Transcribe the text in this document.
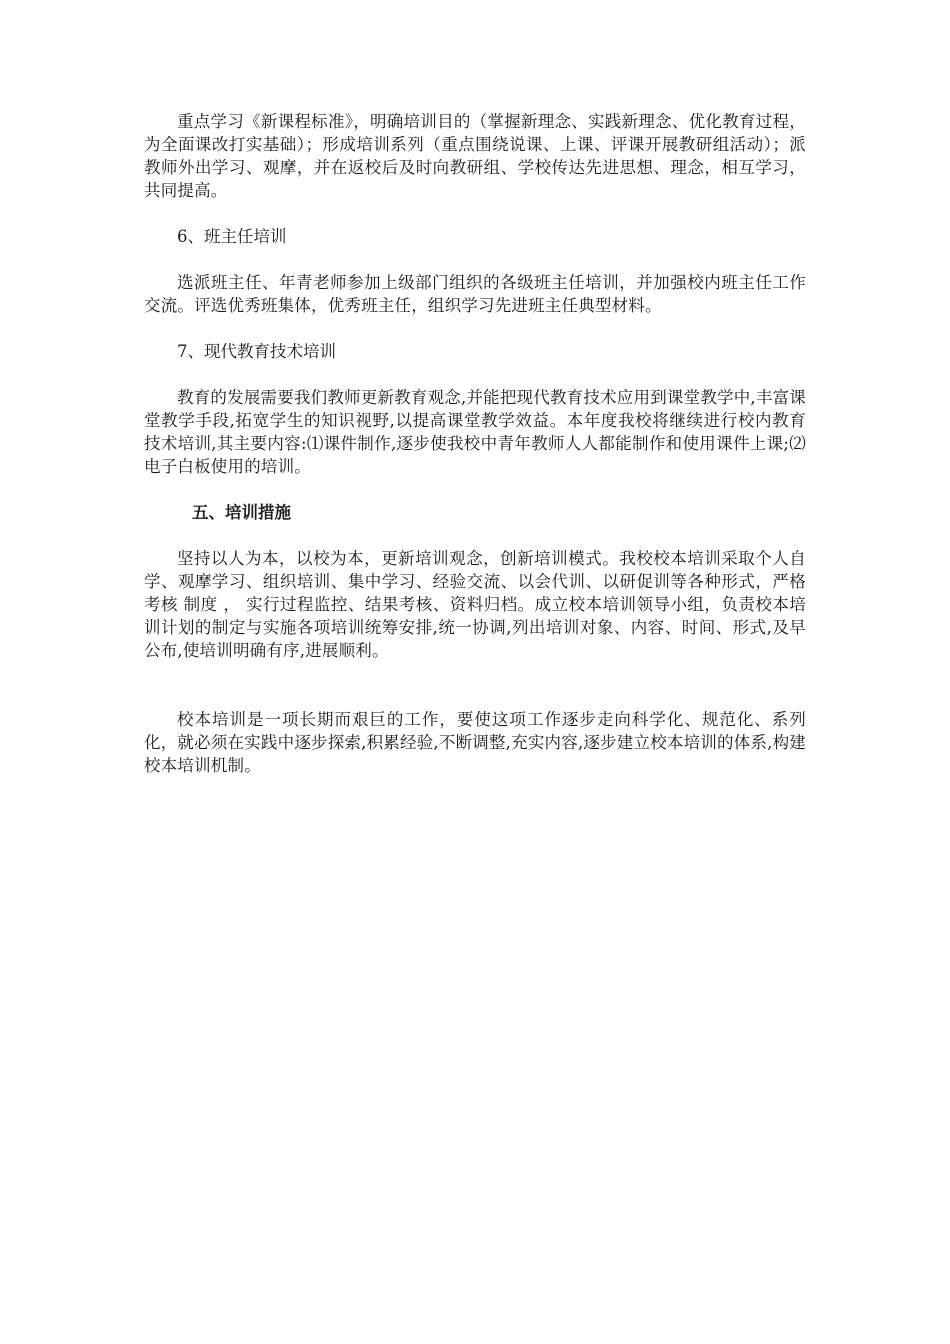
重点学习《新课程标准》，明确培训目的（掌握新理念、实践新理念、优化教育过程，为全面课改打实基础）；形成培训系列（重点围绕说课、上课、评课开展教研组活动）；派教师外出学习、观摩，并在返校后及时向教研组、学校传达先进思想、理念，相互学习，共同提高。

6、班主任培训

选派班主任、年青老师参加上级部门组织的各级班主任培训，并加强校内班主任工作交流。评选优秀班集体，优秀班主任，组织学习先进班主任典型材料。

7、现代教育技术培训

教育的发展需要我们教师更新教育观念,并能把现代教育技术应用到课堂教学中,丰富课堂教学手段,拓宽学生的知识视野,以提高课堂教学效益。本年度我校将继续进行校内教育技术培训,其主要内容:⑴课件制作,逐步使我校中青年教师人人都能制作和使用课件上课;⑵电子白板使用的培训。

五、培训措施

坚持以人为本，以校为本，更新培训观念，创新培训模式。我校校本培训采取个人自学、观摩学习、组织培训、集中学习、经验交流、以会代训、以研促训等各种形式，严格考核 制度 ， 实行过程监控、结果考核、资料归档。成立校本培训领导小组，负责校本培训计划的制定与实施各项培训统筹安排,统一协调,列出培训对象、内容、时间、形式,及早公布,使培训明确有序,进展顺利。

校本培训是一项长期而艰巨的工作，要使这项工作逐步走向科学化、规范化、系列化，就必须在实践中逐步探索,积累经验,不断调整,充实内容,逐步建立校本培训的体系,构建校本培训机制。
